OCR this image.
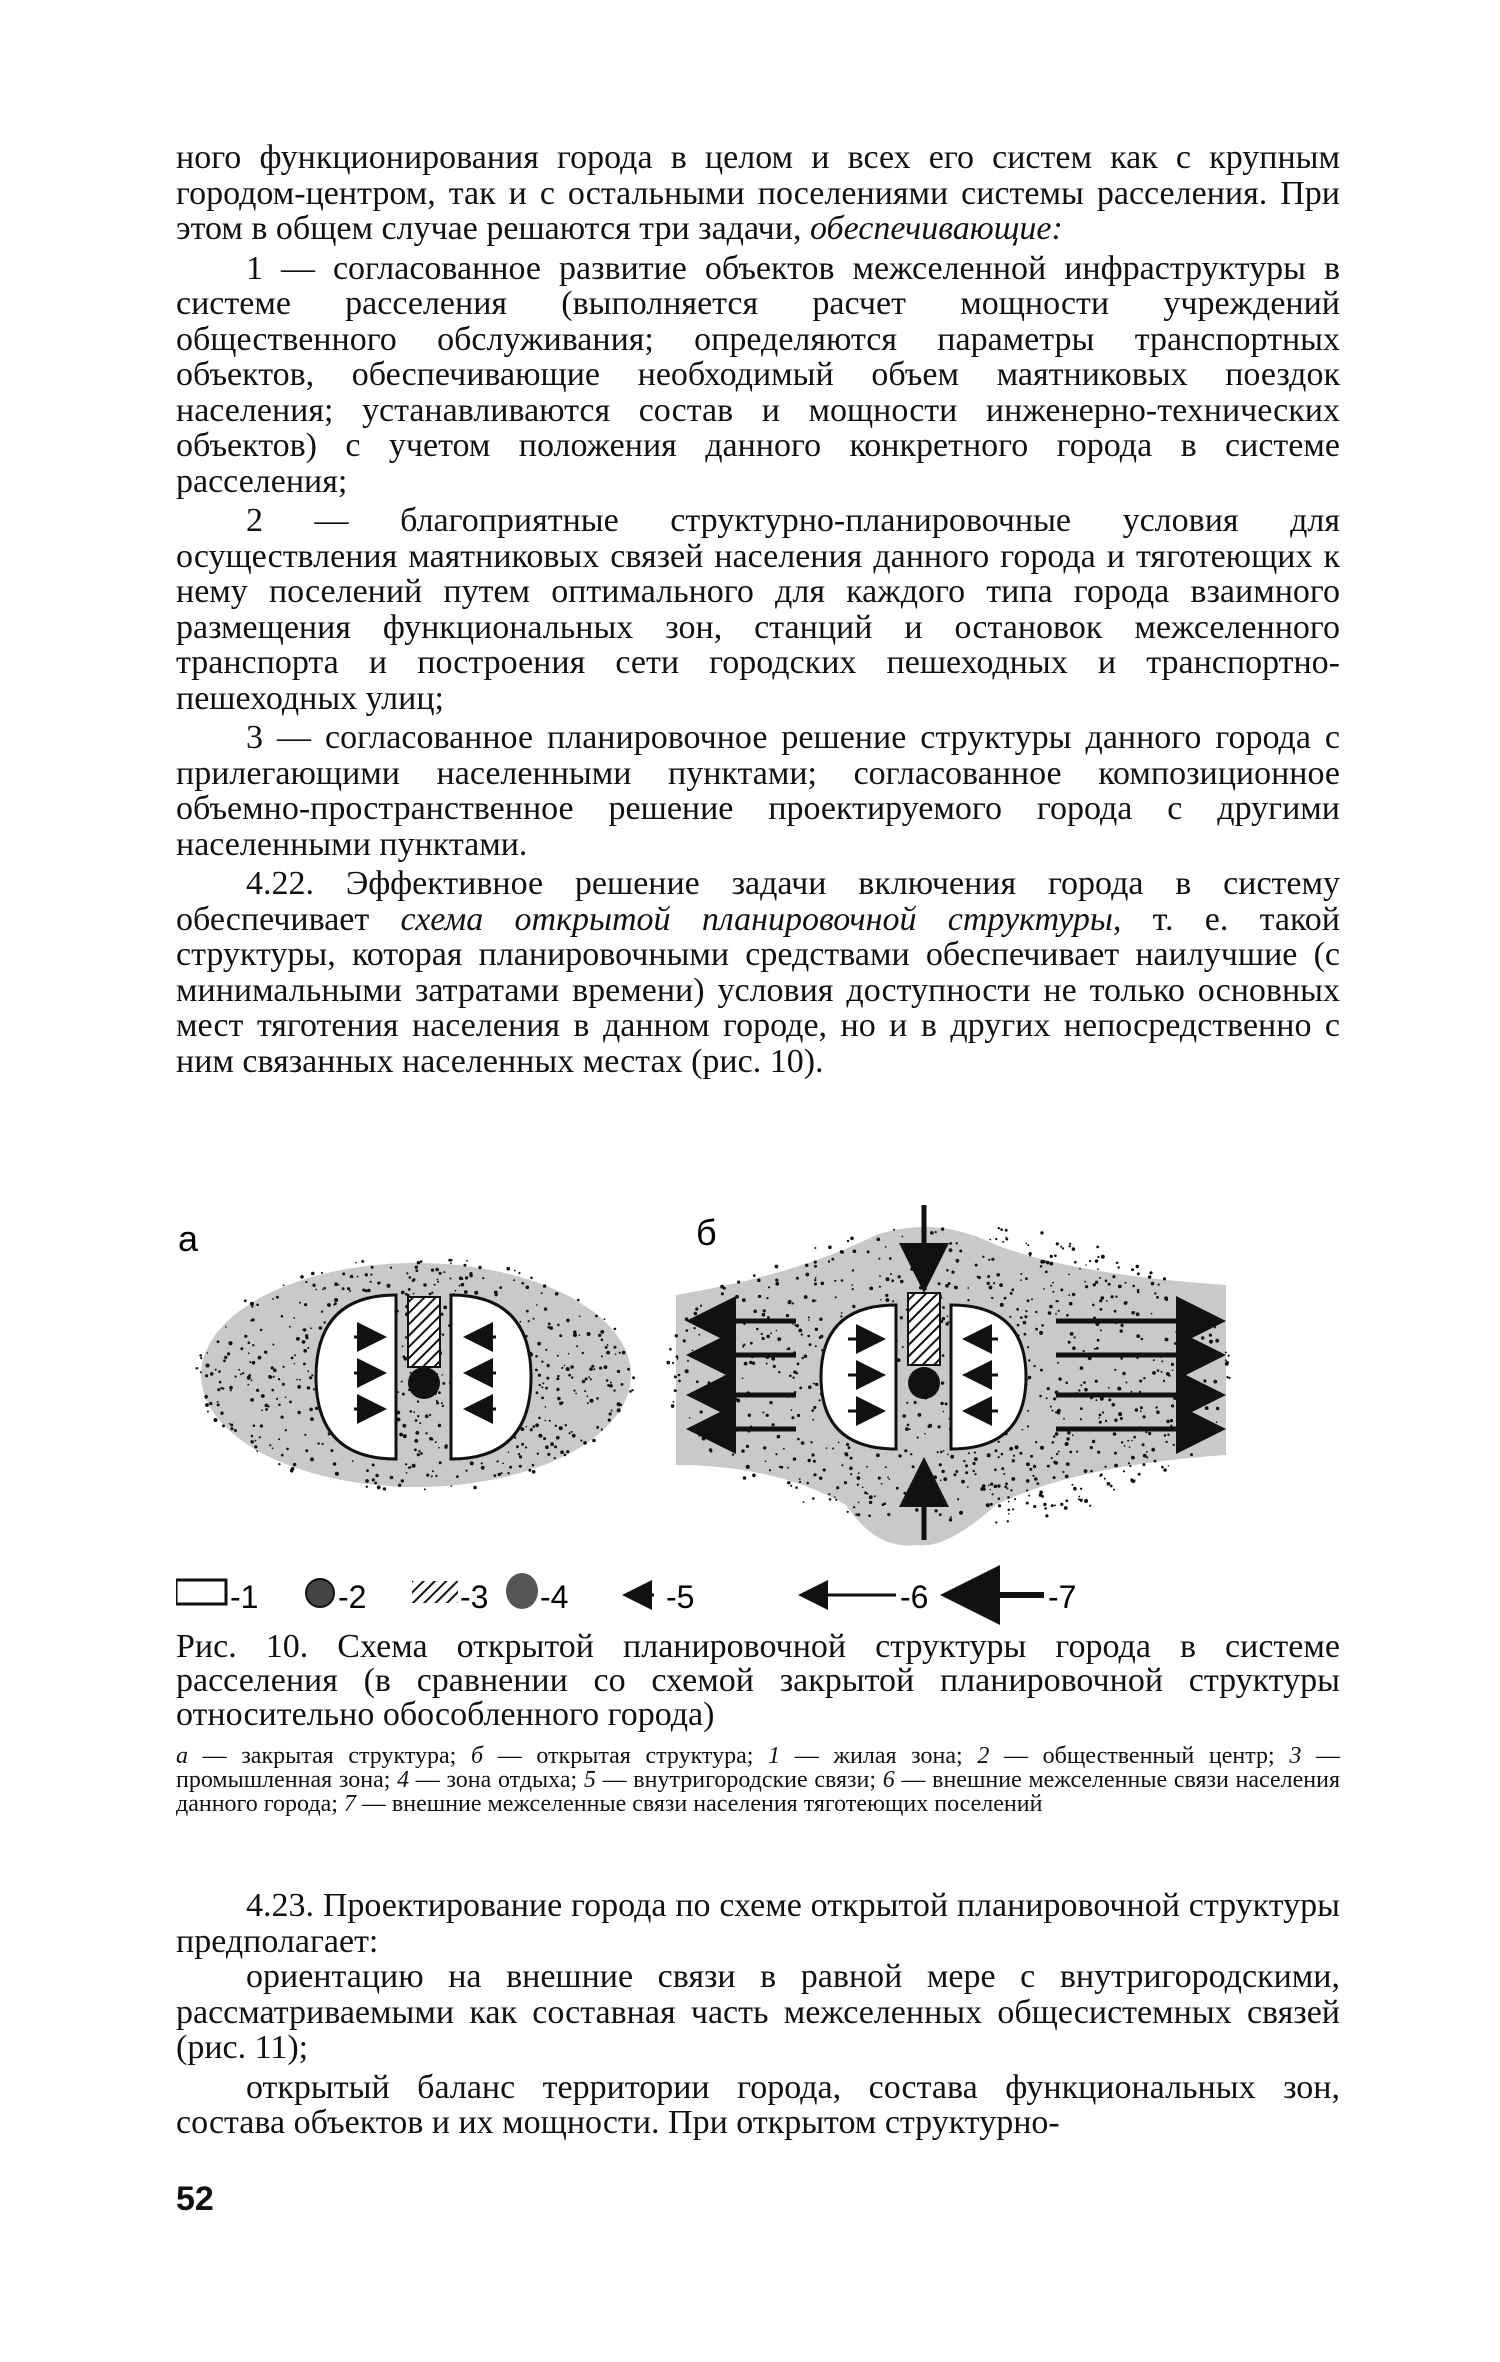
ного функционирования города в целом и всех его систем как с крупным городом-центром, так и с остальными поселениями системы расселения. При этом в общем случае решаются три задачи, обеспечивающие:

1 — согласованное развитие объектов межселенной инфраструктуры в системе расселения (выполняется расчет мощности учреждений общественного обслуживания; определяются параметры транспортных объектов, обеспечивающие необходимый объем маятниковых поездок населения; устанавливаются состав и мощности инженерно-технических объектов) с учетом положения данного конкретного города в системе расселения;

2 — благоприятные структурно-планировочные условия для осуществления маятниковых связей населения данного города и тяготеющих к нему поселений путем оптимального для каждого типа города взаимного размещения функциональных зон, станций и остановок межселенного транспорта и построения сети городских пешеходных и транспортно-пешеходных улиц;

3 — согласованное планировочное решение структуры данного города с прилегающими населенными пунктами; согласованное композиционное объемно-пространственное решение проектируемого города с другими населенными пунктами.

4.22. Эффективное решение задачи включения города в систему обеспечивает схема открытой планировочной структуры, т. е. такой структуры, которая планировочными средствами обеспечивает наилучшие (с минимальными затратами времени) условия доступности не только основных мест тяготения населения в данном городе, но и в других непосредственно с ним связанных населенных местах (рис. 10).

а	б
-1 -2	-3 -4	-5	-6	-7

Рис. 10. Схема открытой планировочной структуры города в системе расселения (в сравнении со схемой закрытой планировочной структуры относительно обособленного города)

а — закрытая структура; б — открытая структура; 1 — жилая зона; 2 — общественный центр; 3 — промышленная зона; 4 — зона отдыха; 5 — внутригородские связи; 6 — внешние межселенные связи населения данного города; 7 — внешние межселенные связи населения тяготеющих поселений

4.23. Проектирование города по схеме открытой планировочной структуры предполагает:

ориентацию на внешние связи в равной мере с внутригородскими, рассматриваемыми как составная часть межселенных общесистемных связей (рис. 11);

открытый баланс территории города, состава функциональных зон, состава объектов и их мощности. При открытом структурно-

52
